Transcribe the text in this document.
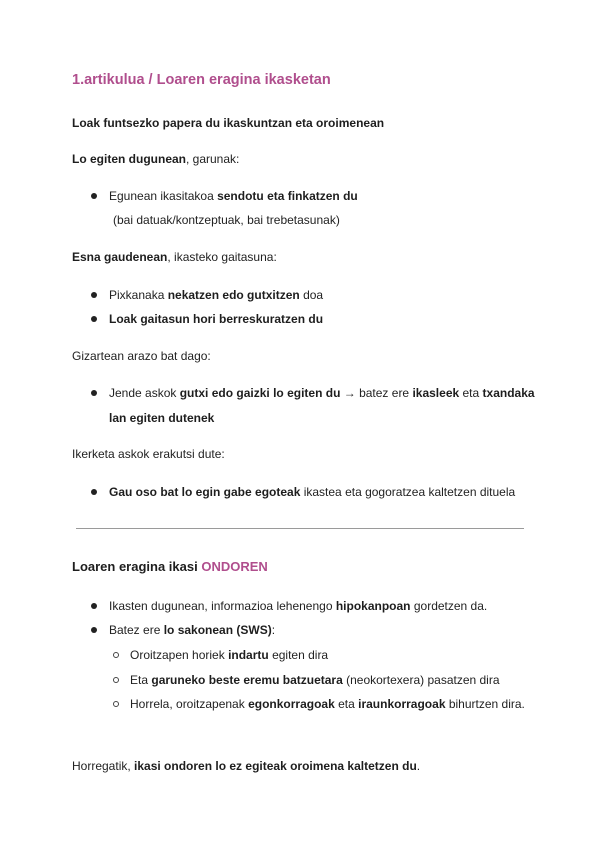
1.artikulua / Loaren eragina ikasketan
Loak funtsezko papera du ikaskuntzan eta oroimenean
Lo egiten dugunean, garunak:
Egunean ikasitakoa sendotu eta finkatzen du
(bai datuak/kontzeptuak, bai trebetasunak)
Esna gaudenean, ikasteko gaitasuna:
Pixkanaka nekatzen edo gutxitzen doa
Loak gaitasun hori berreskuratzen du
Gizartean arazo bat dago:
Jende askok gutxi edo gaizki lo egiten du → batez ere ikasleek eta txandaka
lan egiten dutenek
Ikerketa askok erakutsi dute:
Gau oso bat lo egin gabe egoteak ikastea eta gogoratzea kaltetzen dituela
Loaren eragina ikasi ONDOREN
Ikasten dugunean, informazioa lehenengo hipokanpoan gordetzen da.
Batez ere lo sakonean (SWS):
Oroitzapen horiek indartu egiten dira
Eta garuneko beste eremu batzuetara (neokortexera) pasatzen dira
Horrela, oroitzapenak egonkorragoak eta iraunkorragoak bihurtzen dira.
Horregatik, ikasi ondoren lo ez egiteak oroimena kaltetzen du.
